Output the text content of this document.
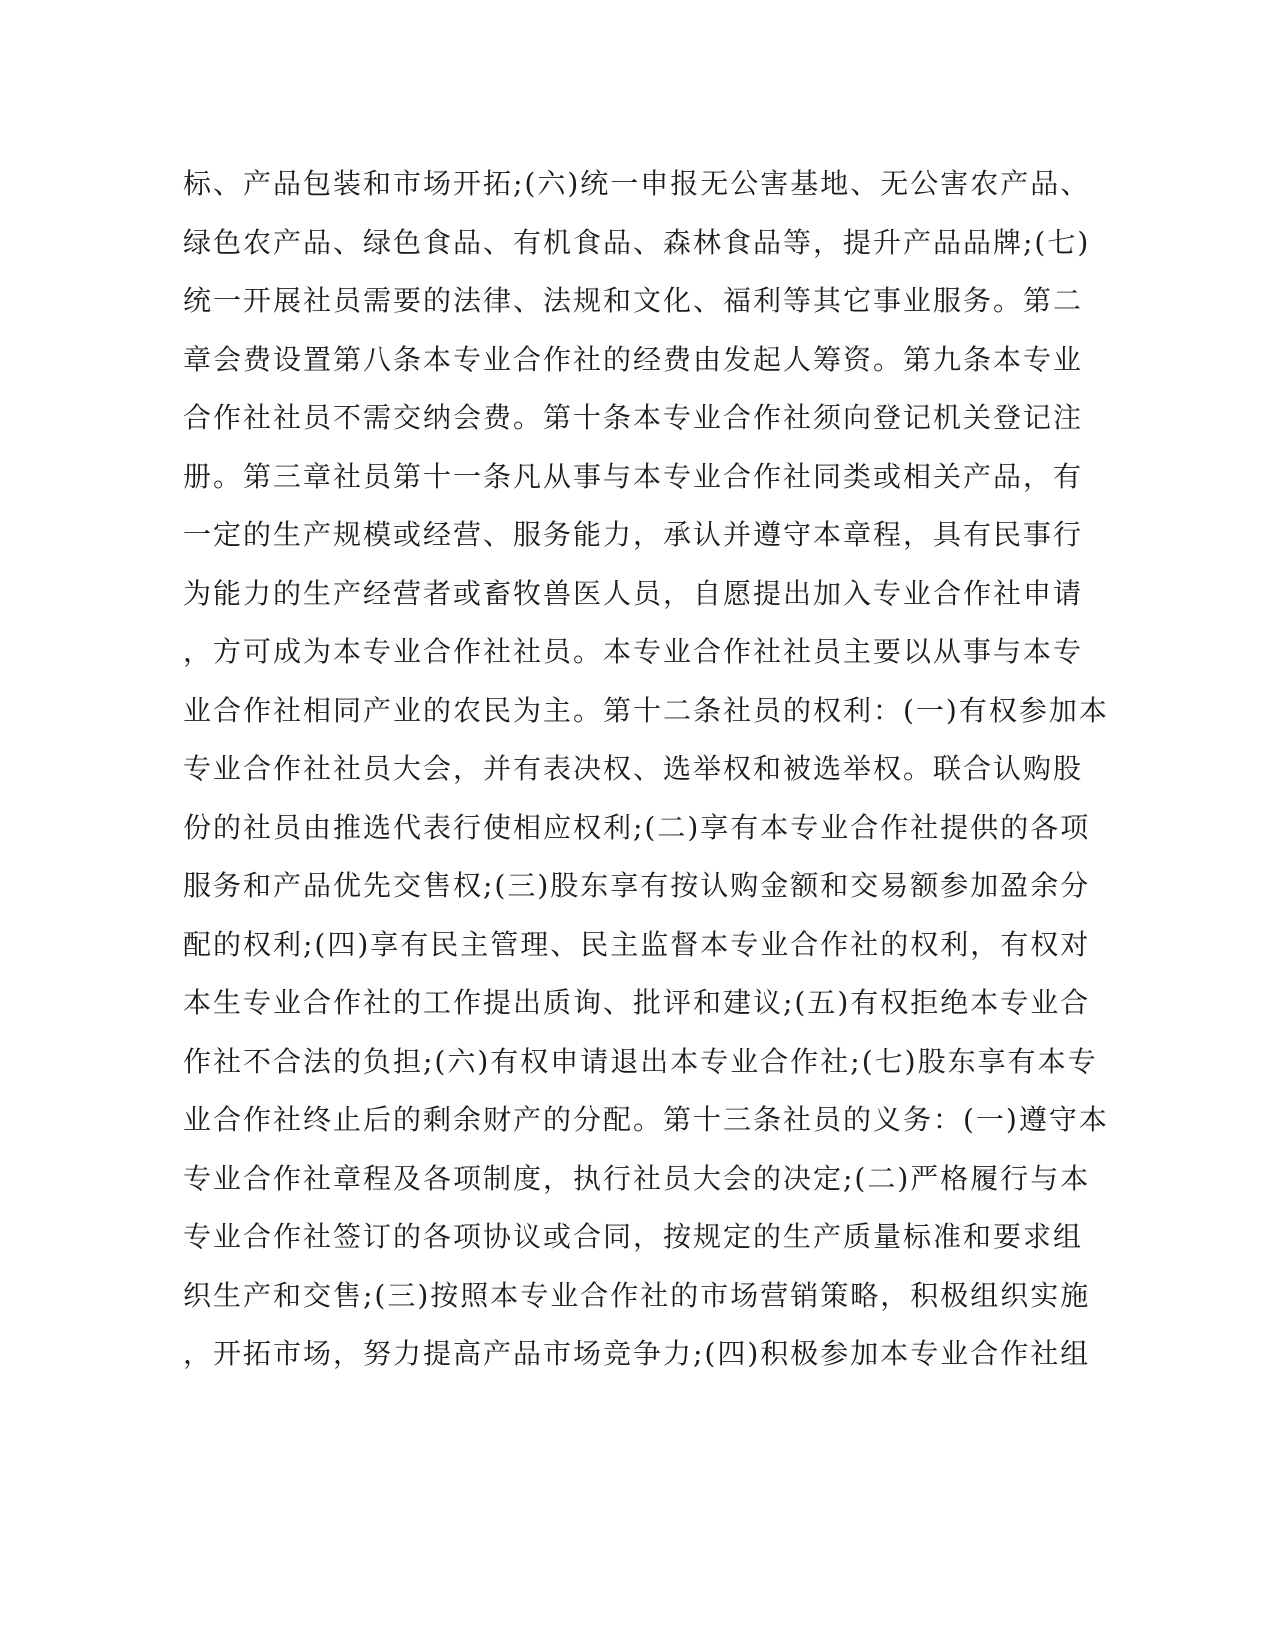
标、产品包装和市场开拓;(六)统一申报无公害基地、无公害农产品、
绿色农产品、绿色食品、有机食品、森林食品等，提升产品品牌;(七)
统一开展社员需要的法律、法规和文化、福利等其它事业服务。第二
章会费设置第八条本专业合作社的经费由发起人筹资。第九条本专业
合作社社员不需交纳会费。第十条本专业合作社须向登记机关登记注
册。第三章社员第十一条凡从事与本专业合作社同类或相关产品，有
一定的生产规模或经营、服务能力，承认并遵守本章程，具有民事行
为能力的生产经营者或畜牧兽医人员，自愿提出加入专业合作社申请
，方可成为本专业合作社社员。本专业合作社社员主要以从事与本专
业合作社相同产业的农民为主。第十二条社员的权利：(一)有权参加本
专业合作社社员大会，并有表决权、选举权和被选举权。联合认购股
份的社员由推选代表行使相应权利;(二)享有本专业合作社提供的各项
服务和产品优先交售权;(三)股东享有按认购金额和交易额参加盈余分
配的权利;(四)享有民主管理、民主监督本专业合作社的权利，有权对
本生专业合作社的工作提出质询、批评和建议;(五)有权拒绝本专业合
作社不合法的负担;(六)有权申请退出本专业合作社;(七)股东享有本专
业合作社终止后的剩余财产的分配。第十三条社员的义务：(一)遵守本
专业合作社章程及各项制度，执行社员大会的决定;(二)严格履行与本
专业合作社签订的各项协议或合同，按规定的生产质量标准和要求组
织生产和交售;(三)按照本专业合作社的市场营销策略，积极组织实施
，开拓市场，努力提高产品市场竞争力;(四)积极参加本专业合作社组
